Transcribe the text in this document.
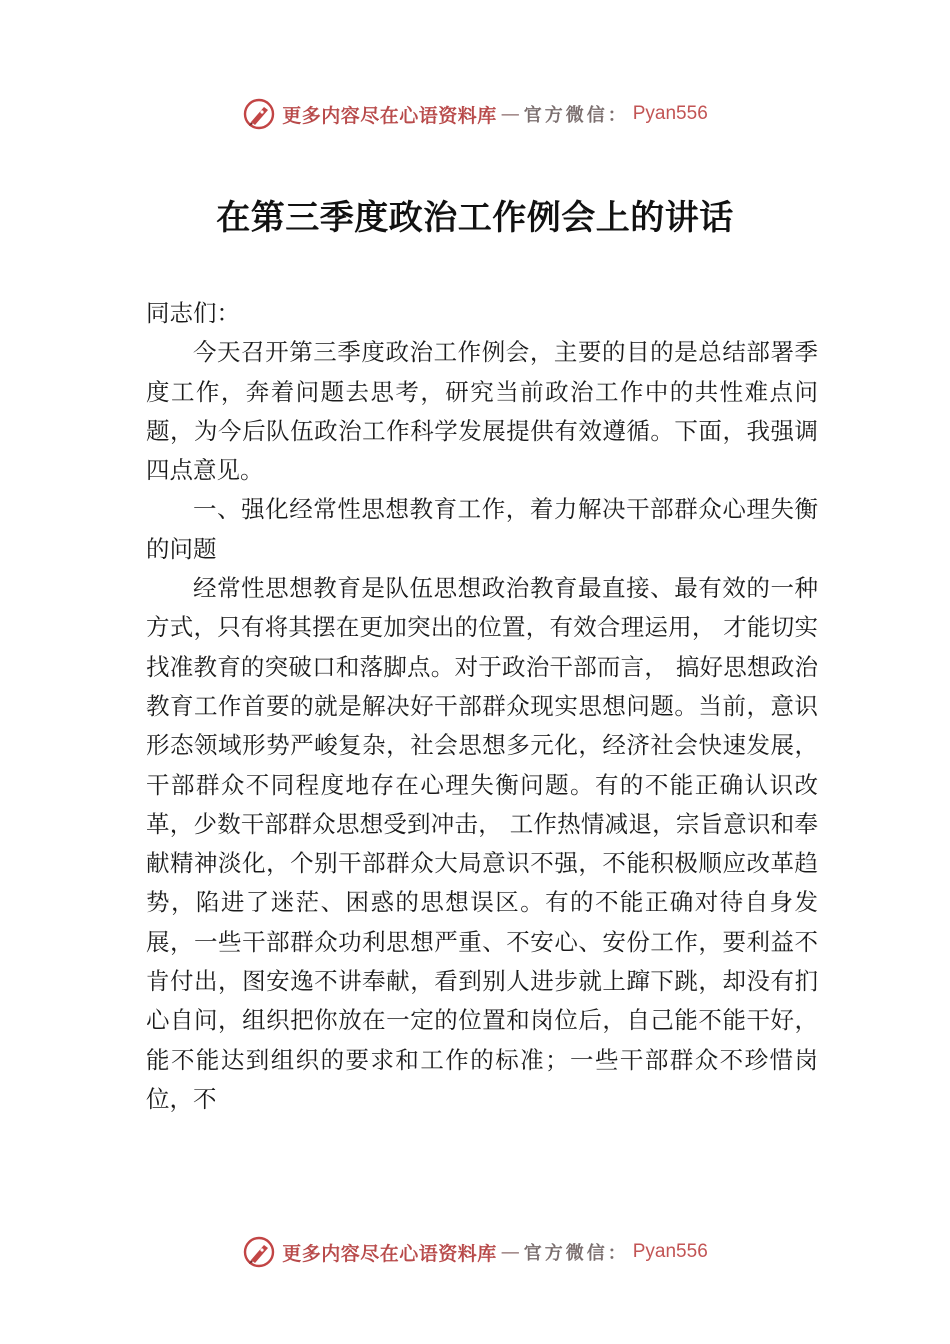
更多内容尽在心语资料库 — 官方微信： Pyan556
在第三季度政治工作例会上的讲话

同志们：

今天召开第三季度政治工作例会，主要的目的是总结部署季度工作，奔着问题去思考，研究当前政治工作中的共性难点问题，为今后队伍政治工作科学发展提供有效遵循。下面，我强调四点意见。

一、强化经常性思想教育工作，着力解决干部群众心理失衡的问题

经常性思想教育是队伍思想政治教育最直接、最有效的一种方式，只有将其摆在更加突出的位置，有效合理运用， 才能切实找准教育的突破口和落脚点。对于政治干部而言， 搞好思想政治教育工作首要的就是解决好干部群众现实思想问题。当前，意识形态领域形势严峻复杂，社会思想多元化，经济社会快速发展，干部群众不同程度地存在心理失衡问题。有的不能正确认识改革，少数干部群众思想受到冲击， 工作热情减退，宗旨意识和奉献精神淡化，个别干部群众大局意识不强，不能积极顺应改革趋势，陷进了迷茫、困惑的思想误区。有的不能正确对待自身发展，一些干部群众功利思想严重、不安心、安份工作，要利益不肯付出，图安逸不讲奉献，看到别人进步就上蹿下跳，却没有扪心自问，组织把你放在一定的位置和岗位后，自己能不能干好，能不能达到组织的要求和工作的标准；一些干部群众不珍惜岗位，不

更多内容尽在心语资料库 — 官方微信： Pyan556
